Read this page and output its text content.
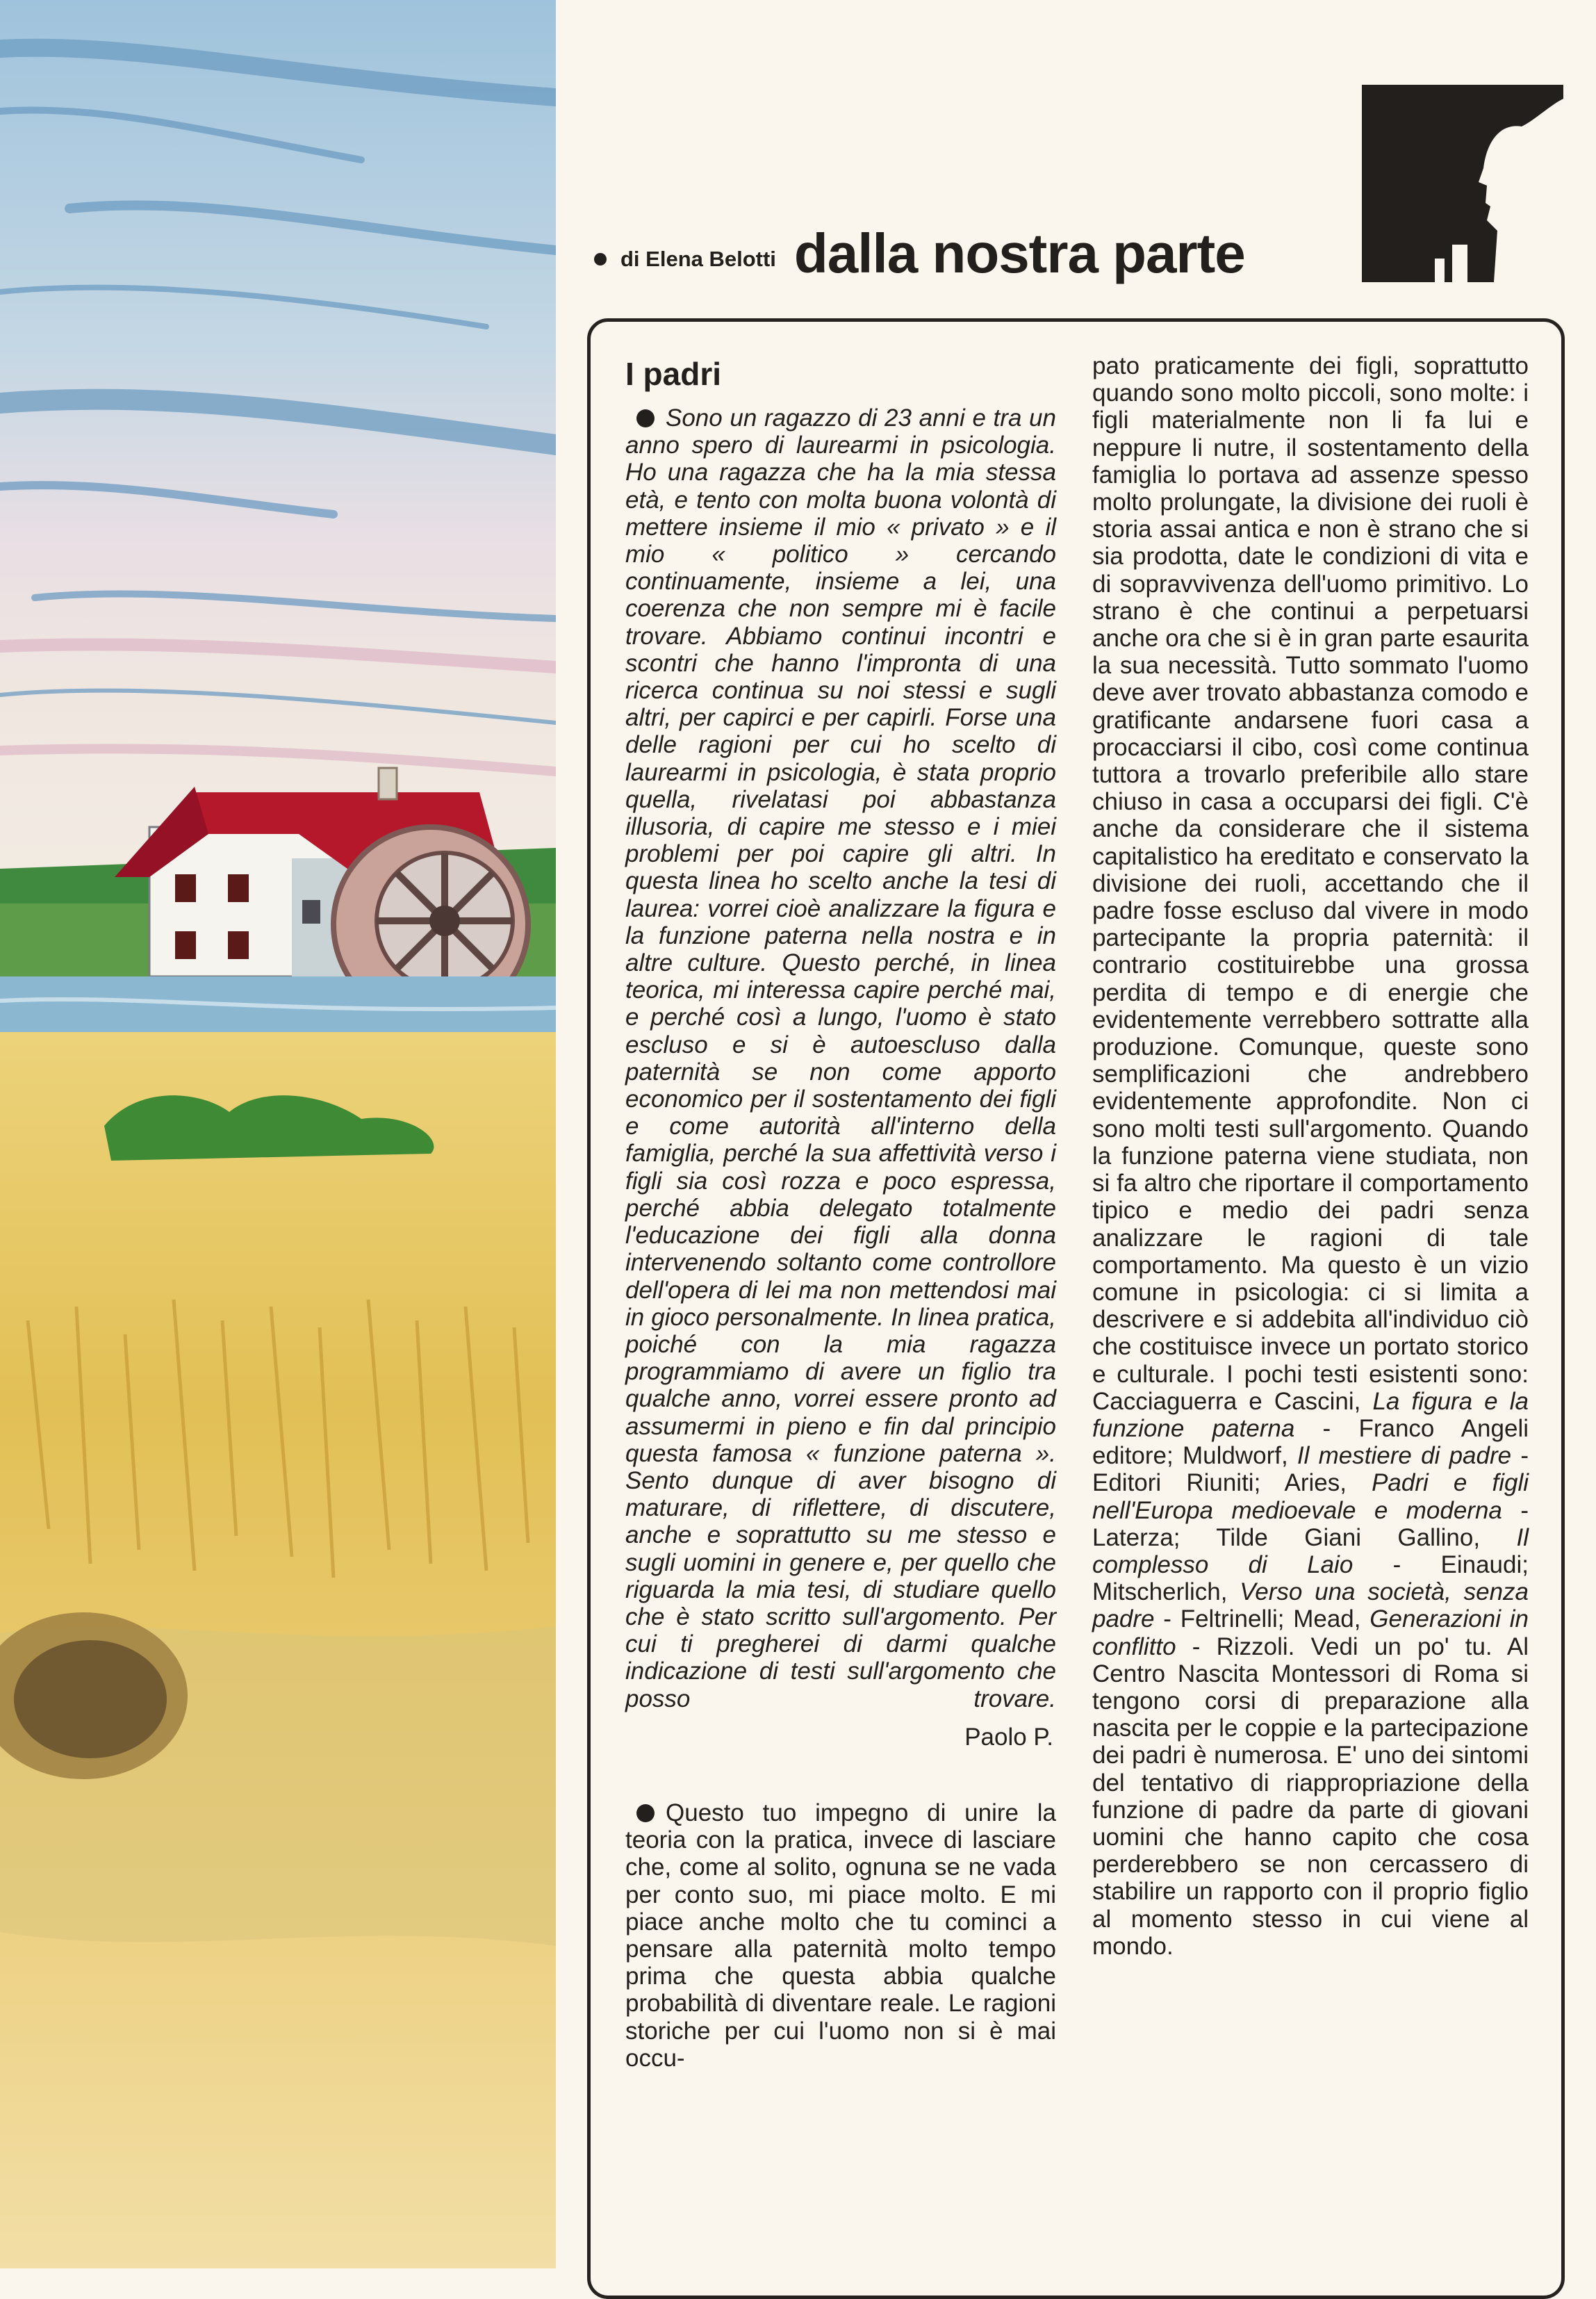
di Elena Belotti dalla nostra parte
I padri

Sono un ragazzo di 23 anni e tra un anno spero di laurearmi in psicologia. Ho una ragazza che ha la mia stessa età, e tento con molta buona volontà di mettere insieme il mio « privato » e il mio « politico » cercando continuamente, insieme a lei, una coerenza che non sempre mi è facile trovare. Abbiamo continui incontri e scontri che hanno l'impronta di una ricerca continua su noi stessi e sugli altri, per capirci e per capirli. Forse una delle ragioni per cui ho scelto di laurearmi in psicologia, è stata proprio quella, rivelatasi poi abbastanza illusoria, di capire me stesso e i miei problemi per poi capire gli altri. In questa linea ho scelto anche la tesi di laurea: vorrei cioè analizzare la figura e la funzione paterna nella nostra e in altre culture. Questo perché, in linea teorica, mi interessa capire perché mai, e perché così a lungo, l'uomo è stato escluso e si è autoescluso dalla paternità se non come apporto economico per il sostentamento dei figli e come autorità all'interno della famiglia, perché la sua affettività verso i figli sia così rozza e poco espressa, perché abbia delegato totalmente l'educazione dei figli alla donna intervenendo soltanto come controllore dell'opera di lei ma non mettendosi mai in gioco personalmente. In linea pratica, poiché con la mia ragazza programmiamo di avere un figlio tra qualche anno, vorrei essere pronto ad assumermi in pieno e fin dal principio questa famosa « funzione paterna ». Sento dunque di aver bisogno di maturare, di riflettere, di discutere, anche e soprattutto su me stesso e sugli uomini in genere e, per quello che riguarda la mia tesi, di studiare quello che è stato scritto sull'argomento. Per cui ti pregherei di darmi qualche indicazione di testi sull'argomento che posso trovare.

Paolo P.

Questo tuo impegno di unire la teoria con la pratica, invece di lasciare che, come al solito, ognuna se ne vada per conto suo, mi piace molto. E mi piace anche molto che tu cominci a pensare alla paternità molto tempo prima che questa abbia qualche probabilità di diventare reale. Le ragioni storiche per cui l'uomo non si è mai occu-

pato praticamente dei figli, soprattutto quando sono molto piccoli, sono molte: i figli materialmente non li fa lui e neppure li nutre, il sostentamento della famiglia lo portava ad assenze spesso molto prolungate, la divisione dei ruoli è storia assai antica e non è strano che si sia prodotta, date le condizioni di vita e di sopravvivenza dell'uomo primitivo. Lo strano è che continui a perpetuarsi anche ora che si è in gran parte esaurita la sua necessità. Tutto sommato l'uomo deve aver trovato abbastanza comodo e gratificante andarsene fuori casa a procacciarsi il cibo, così come continua tuttora a trovarlo preferibile allo stare chiuso in casa a occuparsi dei figli. C'è anche da considerare che il sistema capitalistico ha ereditato e conservato la divisione dei ruoli, accettando che il padre fosse escluso dal vivere in modo partecipante la propria paternità: il contrario costituirebbe una grossa perdita di tempo e di energie che evidentemente verrebbero sottratte alla produzione. Comunque, queste sono semplificazioni che andrebbero evidentemente approfondite. Non ci sono molti testi sull'argomento. Quando la funzione paterna viene studiata, non si fa altro che riportare il comportamento tipico e medio dei padri senza analizzare le ragioni di tale comportamento. Ma questo è un vizio comune in psicologia: ci si limita a descrivere e si addebita all'individuo ciò che costituisce invece un portato storico e culturale. I pochi testi esistenti sono: Cacciaguerra e Cascini, La figura e la funzione paterna - Franco Angeli editore; Muldworf, Il mestiere di padre - Editori Riuniti; Aries, Padri e figli nell'Europa medioevale e moderna - Laterza; Tilde Giani Gallino, Il complesso di Laio - Einaudi; Mitscherlich, Verso una società, senza padre - Feltrinelli; Mead, Generazioni in conflitto - Rizzoli. Vedi un po' tu. Al Centro Nascita Montessori di Roma si tengono corsi di preparazione alla nascita per le coppie e la partecipazione dei padri è numerosa. E' uno dei sintomi del tentativo di riappropriazione della funzione di padre da parte di giovani uomini che hanno capito che cosa perderebbero se non cercassero di stabilire un rapporto con il proprio figlio al momento stesso in cui viene al mondo.
